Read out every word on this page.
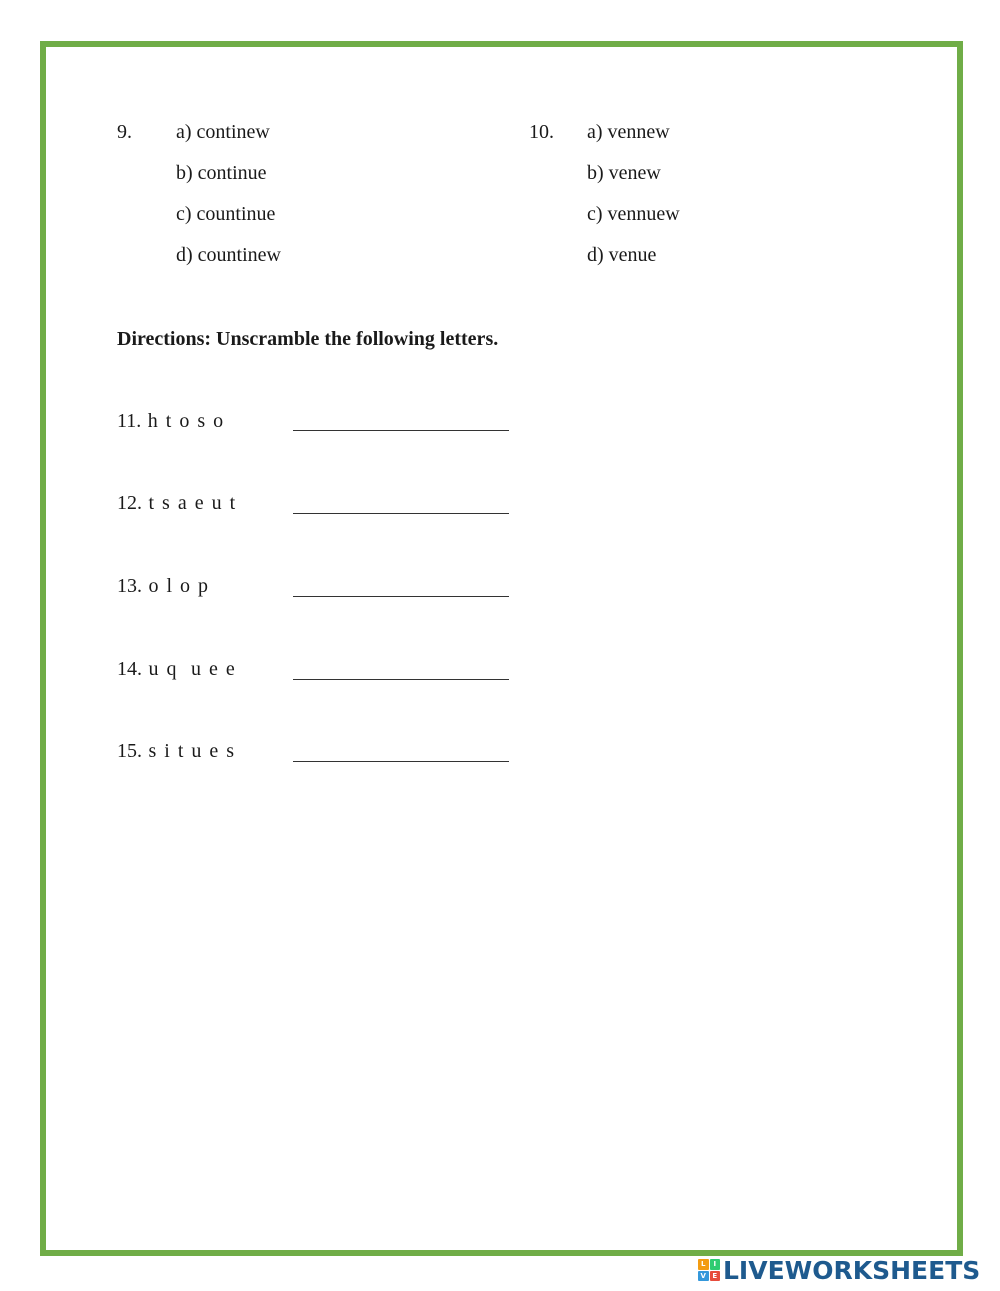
9. a) continew
b) continue
c) countinue
d) countinew
10. a) vennew
b) venew
c) vennuew
d) venue
Directions: Unscramble the following letters.
11. h t o s o
12. t s a e u t
13. o l o p
14. u q  u e e
15. s i t u e s
L	I
V E LIVEWORKSHEETS
